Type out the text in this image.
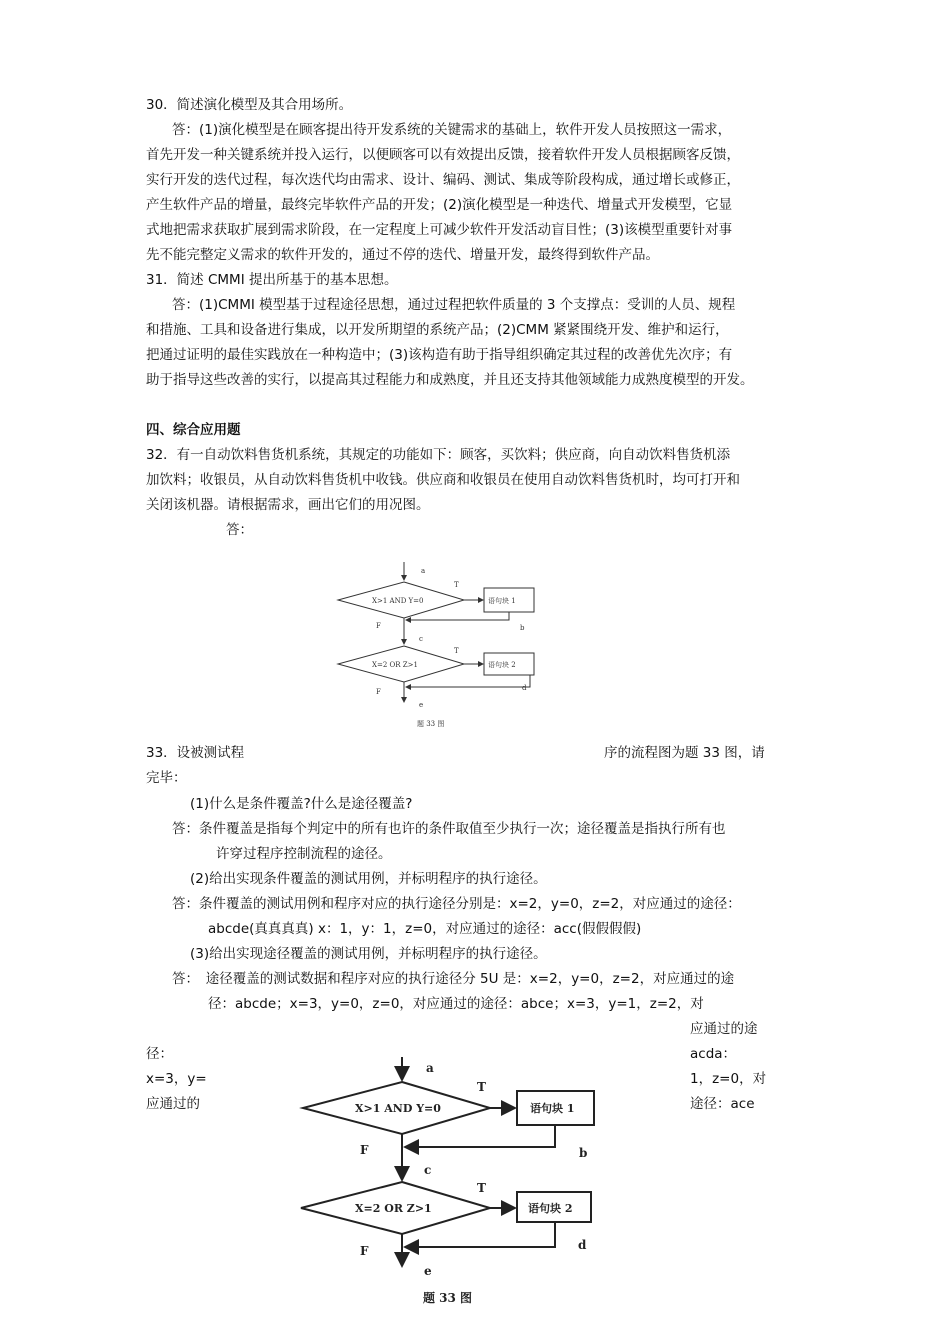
30．简述演化模型及其合用场所。
答：(1)演化模型是在顾客提出待开发系统的关键需求的基础上，软件开发人员按照这一需求，
首先开发一种关键系统并投入运行，以便顾客可以有效提出反馈，接着软件开发人员根据顾客反馈，
实行开发的迭代过程，每次迭代均由需求、设计、编码、测试、集成等阶段构成，通过增长或修正，
产生软件产品的增量，最终完毕软件产品的开发；(2)演化模型是一种迭代、增量式开发模型，它显
式地把需求获取扩展到需求阶段，在一定程度上可减少软件开发活动盲目性；(3)该模型重要针对事
先不能完整定义需求的软件开发的，通过不停的迭代、增量开发，最终得到软件产品。
31．简述 CMMI 提出所基于的基本思想。
答：(1)CMMI 模型基于过程途径思想，通过过程把软件质量的 3 个支撑点：受训的人员、规程
和措施、工具和设备进行集成，以开发所期望的系统产品；(2)CMM 紧紧围绕开发、维护和运行，
把通过证明的最佳实践放在一种构造中；(3)该构造有助于指导组织确定其过程的改善优先次序；有
助于指导这些改善的实行，以提高其过程能力和成熟度，并且还支持其他领域能力成熟度模型的开发。
四、综合应用题
32．有一自动饮料售货机系统，其规定的功能如下：顾客，买饮料；供应商，向自动饮料售货机添
加饮料；收银员，从自动饮料售货机中收钱。供应商和收银员在使用自动饮料售货机时，均可打开和
关闭该机器。请根据需求，画出它们的用况图。
答：
a
T
X>1 AND Y=0	语句块 1
F	b
c
T
X=2 OR Z>1	语句块 2
F	d
e
题 33 图
33．设被测试程	序的流程图为题 33 图，请
完毕：
(1)什么是条件覆盖?什么是途径覆盖?
答：条件覆盖是指每个判定中的所有也许的条件取值至少执行一次；途径覆盖是指执行所有也
许穿过程序控制流程的途径。
(2)给出实现条件覆盖的测试用例，并标明程序的执行途径。
答：条件覆盖的测试用例和程序对应的执行途径分别是：x=2，y=0，z=2，对应通过的途径：
abcde(真真真真) x：1，y：1，z=0，对应通过的途径：acc(假假假假)
(3)给出实现途径覆盖的测试用例，并标明程序的执行途径。
答：　途径覆盖的测试数据和程序对应的执行途径分 5U 是：x=2，y=0，z=2，对应通过的途
径：abcde；x=3，y=0，z=0，对应通过的途径：abce；x=3，y=1，z=2，对
径：
x=3，y=
应通过的
应通过的途
acda：
1，z=0，对
途径：ace
a
T
X>1 AND Y=0	语句块 1
F	b
c
T
X=2 OR Z>1	语句块 2
F	d
e
题 33 图
